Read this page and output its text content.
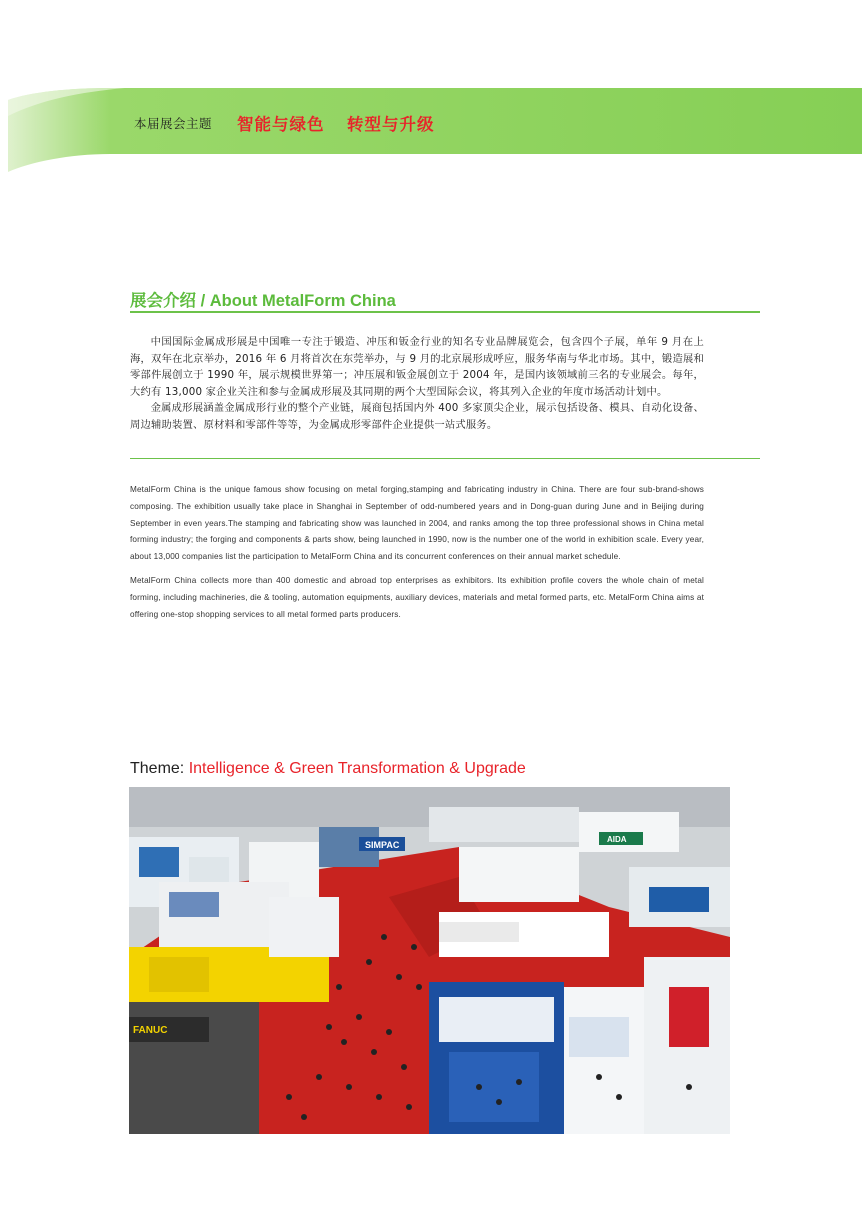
本届展会主题 智能与绿色 转型与升级
展会介绍 / About MetalForm China

中国国际金属成形展是中国唯一专注于锻造、冲压和钣金行业的知名专业品牌展览会，包含四个子展，单年 9 月在上海，双年在北京举办，2016 年 6 月将首次在东莞举办，与 9 月的北京展形成呼应，服务华南与华北市场。其中，锻造展和零部件展创立于 1990 年，展示规模世界第一；冲压展和钣金展创立于 2004 年，是国内该领域前三名的专业展会。每年，大约有 13,000 家企业关注和参与金属成形展及其同期的两个大型国际会议，将其列入企业的年度市场活动计划中。

金属成形展涵盖金属成形行业的整个产业链，展商包括国内外 400 多家顶尖企业，展示包括设备、模具、自动化设备、周边辅助装置、原材料和零部件等等，为金属成形零部件企业提供一站式服务。

MetalForm China is the unique famous show focusing on metal forging,stamping and fabricating industry in China. There are four sub-brand-shows composing. The exhibition usually take place in Shanghai in September of odd-numbered years and in Dong-guan during June and in Beijing during September in even years.The stamping and fabricating show was launched in 2004, and ranks among the top three professional shows in China metal forming industry; the forging and components & parts show, being launched in 1990, now is the number one of the world in exhibition scale. Every year, about 13,000 companies list the participation to MetalForm China and its concurrent conferences on their annual market schedule.

MetalForm China collects more than 400 domestic and abroad top enterprises as exhibitors. Its exhibition profile covers the whole chain of metal forming, including machineries, die & tooling, automation equipments, auxiliary devices, materials and metal formed parts, etc. MetalForm China aims at offering one-stop shopping services to all metal formed parts producers.

Theme: Intelligence & Green Transformation & Upgrade
SIMPAC
FANUC
AIDA
